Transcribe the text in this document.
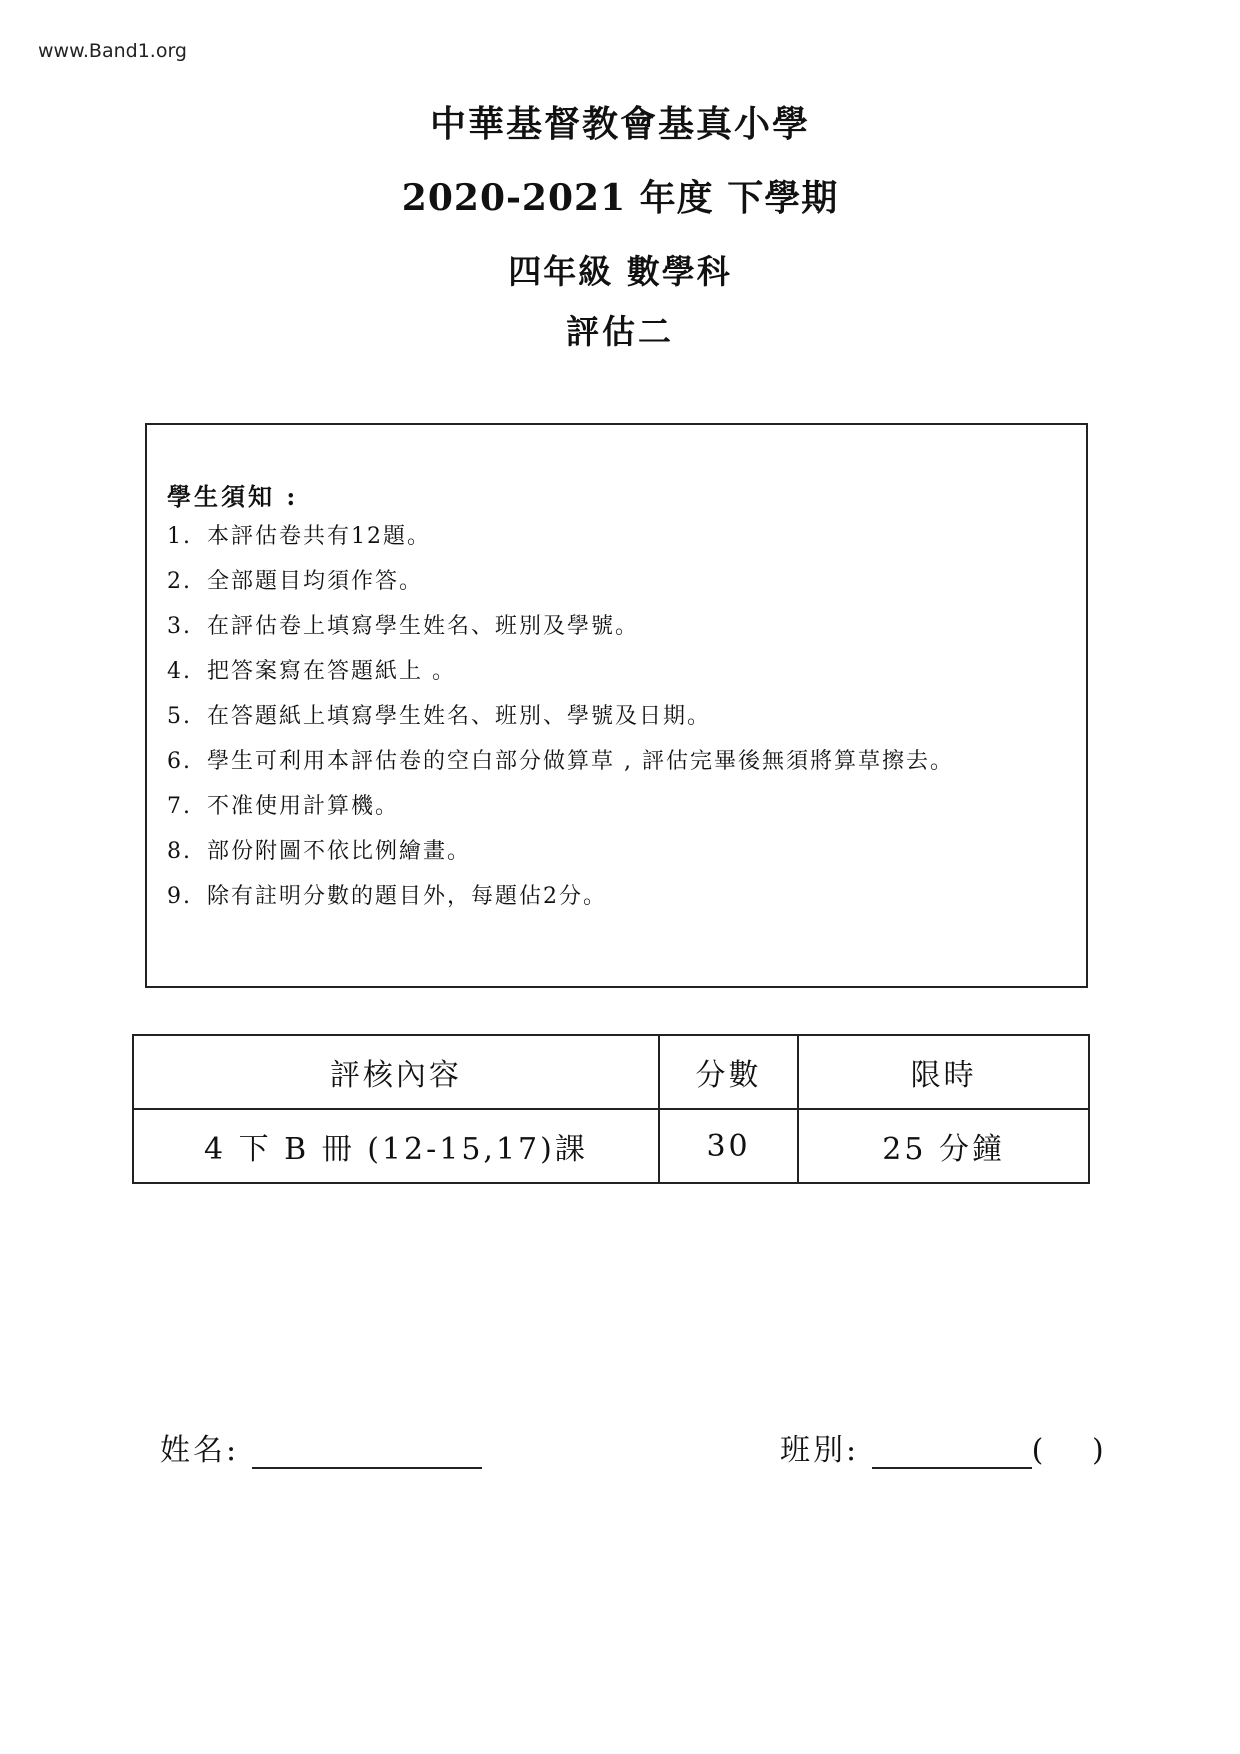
www.Band1.org
中華基督教會基真小學
2020-2021 年度 下學期
四年級 數學科
評估二
學生須知 :
1. 本評估卷共有12題。
2. 全部題目均須作答。
3. 在評估卷上填寫學生姓名、班別及學號。
4. 把答案寫在答題紙上 。
5. 在答題紙上填寫學生姓名、班別、學號及日期。
6. 學生可利用本評估卷的空白部分做算草 , 評估完畢後無須將算草擦去。
7. 不准使用計算機。
8. 部份附圖不依比例繪畫。
9. 除有註明分數的題目外，每題佔2分。
評核內容	分數	限時
4 下 B 冊 (12-15,17)課	30	25 分鐘
姓名:	班別:	( )
